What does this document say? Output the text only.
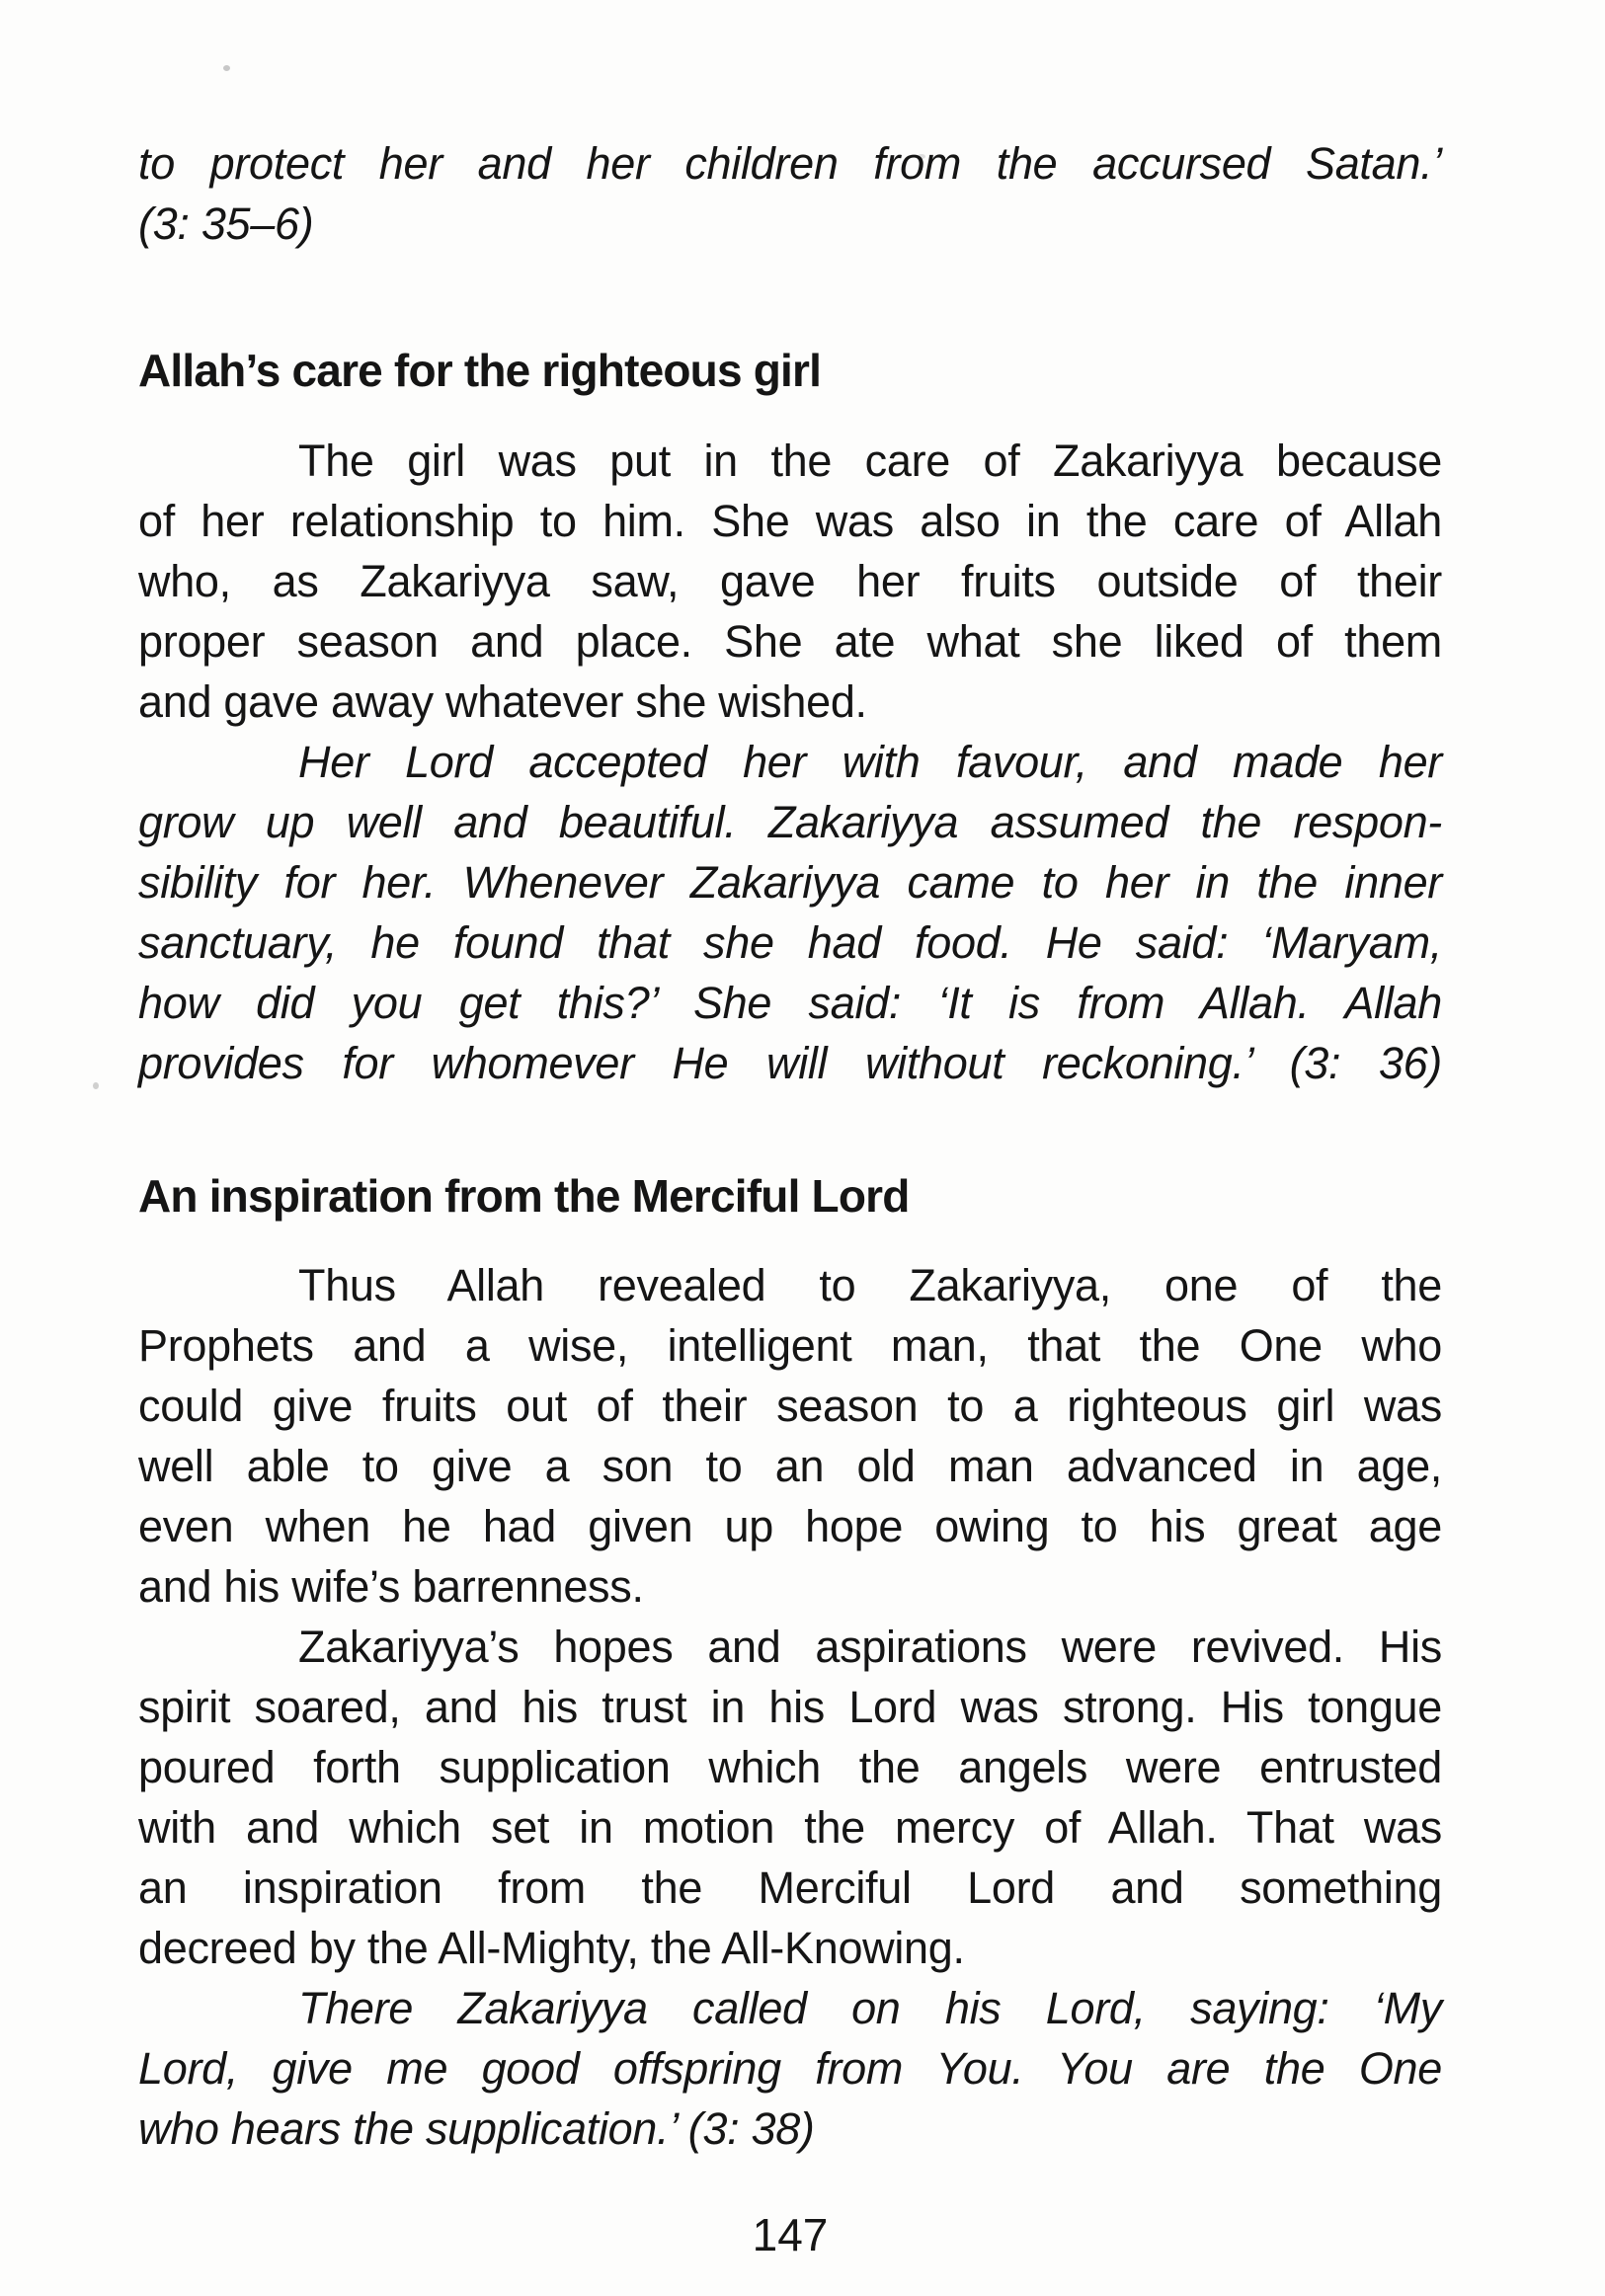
to protect her and her children from the accursed Satan.’
(3: 35–6)
Allah’s care for the righteous girl
The girl was put in the care of Zakariyya because
of her relationship to him. She was also in the care of Allah
who, as Zakariyya saw, gave her fruits outside of their
proper season and place. She ate what she liked of them
and gave away whatever she wished.
Her Lord accepted her with favour, and made her
grow up well and beautiful. Zakariyya assumed the respon-
sibility for her. Whenever Zakariyya came to her in the inner
sanctuary, he found that she had food. He said: ‘Maryam,
how did you get this?’ She said: ‘It is from Allah. Allah
provides for whomever He will without reckoning.’ (3: 36)
An inspiration from the Merciful Lord
Thus Allah revealed to Zakariyya, one of the
Prophets and a wise, intelligent man, that the One who
could give fruits out of their season to a righteous girl was
well able to give a son to an old man advanced in age,
even when he had given up hope owing to his great age
and his wife’s barrenness.
Zakariyya’s hopes and aspirations were revived. His
spirit soared, and his trust in his Lord was strong. His tongue
poured forth supplication which the angels were entrusted
with and which set in motion the mercy of Allah. That was
an inspiration from the Merciful Lord and something
decreed by the All-Mighty, the All-Knowing.
There Zakariyya called on his Lord, saying: ‘My
Lord, give me good offspring from You. You are the One
who hears the supplication.’ (3: 38)
147
